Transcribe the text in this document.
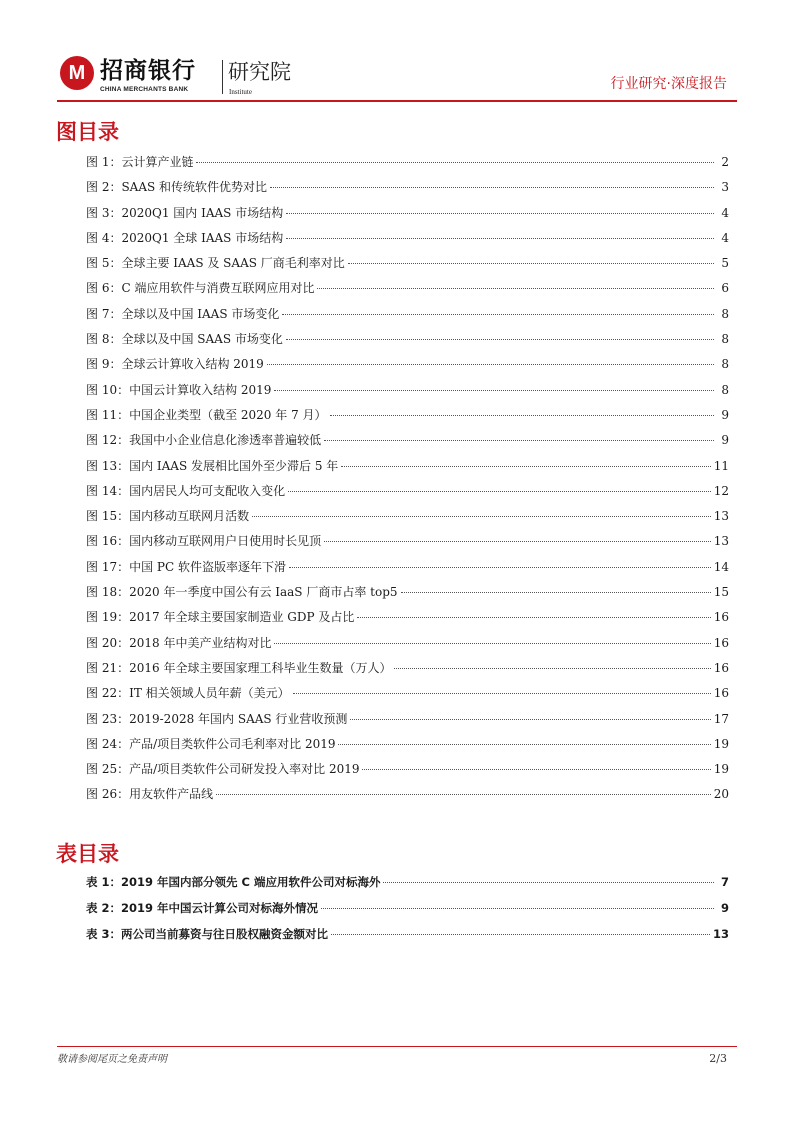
M 招商银行
CHINA MERCHANTS BANK
研究院
Institute	行业研究·深度报告
图目录
图 1：云计算产业链	2
图 2：SAAS 和传统软件优势对比	3
图 3：2020Q1 国内 IAAS 市场结构	4
图 4：2020Q1 全球 IAAS 市场结构	4
图 5：全球主要 IAAS 及 SAAS 厂商毛利率对比	5
图 6：C 端应用软件与消费互联网应用对比	6
图 7：全球以及中国 IAAS 市场变化	8
图 8：全球以及中国 SAAS 市场变化	8
图 9：全球云计算收入结构 2019	8
图 10：中国云计算收入结构 2019	8
图 11：中国企业类型（截至 2020 年 7 月）	9
图 12：我国中小企业信息化渗透率普遍较低	9
图 13：国内 IAAS 发展相比国外至少滞后 5 年	11
图 14：国内居民人均可支配收入变化	12
图 15：国内移动互联网月活数	13
图 16：国内移动互联网用户日使用时长见顶	13
图 17：中国 PC 软件盗版率逐年下滑	14
图 18：2020 年一季度中国公有云 IaaS 厂商市占率 top5	15
图 19：2017 年全球主要国家制造业 GDP 及占比	16
图 20：2018 年中美产业结构对比	16
图 21：2016 年全球主要国家理工科毕业生数量（万人）	16
图 22：IT 相关领域人员年薪（美元）	16
图 23：2019-2028 年国内 SAAS 行业营收预测	17
图 24：产品/项目类软件公司毛利率对比 2019	19
图 25：产品/项目类软件公司研发投入率对比 2019	19
图 26：用友软件产品线	20
表目录
表 1：2019 年国内部分领先 C 端应用软件公司对标海外	7
表 2：2019 年中国云计算公司对标海外情况	9
表 3：两公司当前募资与往日股权融资金额对比	13
敬请参阅尾页之免责声明	2/3
